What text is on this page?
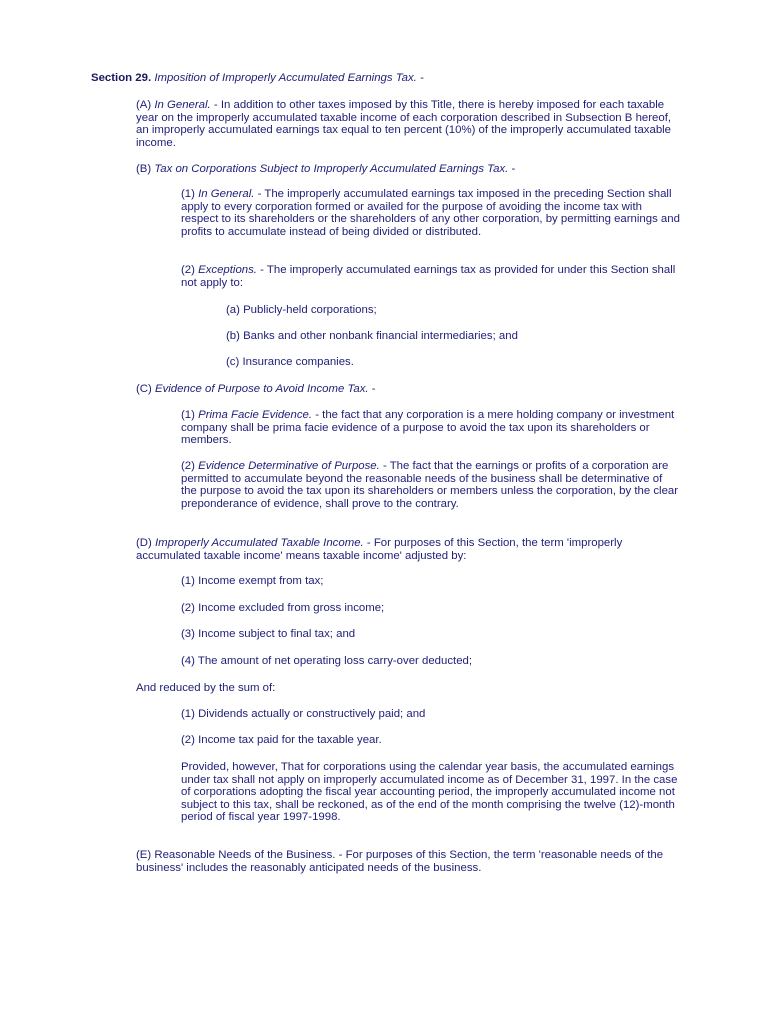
Section 29. Imposition of Improperly Accumulated Earnings Tax. -

(A) In General. - In addition to other taxes imposed by this Title, there is hereby imposed for each taxable year on the improperly accumulated taxable income of each corporation described in Subsection B hereof, an improperly accumulated earnings tax equal to ten percent (10%) of the improperly accumulated taxable income.

(B) Tax on Corporations Subject to Improperly Accumulated Earnings Tax. -

(1) In General. - The improperly accumulated earnings tax imposed in the preceding Section shall apply to every corporation formed or availed for the purpose of avoiding the income tax with respect to its shareholders or the shareholders of any other corporation, by permitting earnings and profits to accumulate instead of being divided or distributed.

(2) Exceptions. - The improperly accumulated earnings tax as provided for under this Section shall not apply to:

(a) Publicly-held corporations;

(b) Banks and other nonbank financial intermediaries; and

(c) Insurance companies.

(C) Evidence of Purpose to Avoid Income Tax. -

(1) Prima Facie Evidence. - the fact that any corporation is a mere holding company or investment company shall be prima facie evidence of a purpose to avoid the tax upon its shareholders or members.

(2) Evidence Determinative of Purpose. - The fact that the earnings or profits of a corporation are permitted to accumulate beyond the reasonable needs of the business shall be determinative of the purpose to avoid the tax upon its shareholders or members unless the corporation, by the clear preponderance of evidence, shall prove to the contrary.

(D) Improperly Accumulated Taxable Income. - For purposes of this Section, the term 'improperly accumulated taxable income' means taxable income' adjusted by:

(1) Income exempt from tax;

(2) Income excluded from gross income;

(3) Income subject to final tax; and

(4) The amount of net operating loss carry-over deducted;

And reduced by the sum of:

(1) Dividends actually or constructively paid; and

(2) Income tax paid for the taxable year.

Provided, however, That for corporations using the calendar year basis, the accumulated earnings under tax shall not apply on improperly accumulated income as of December 31, 1997. In the case of corporations adopting the fiscal year accounting period, the improperly accumulated income not subject to this tax, shall be reckoned, as of the end of the month comprising the twelve (12)-month period of fiscal year 1997-1998.

(E) Reasonable Needs of the Business. - For purposes of this Section, the term 'reasonable needs of the business' includes the reasonably anticipated needs of the business.
